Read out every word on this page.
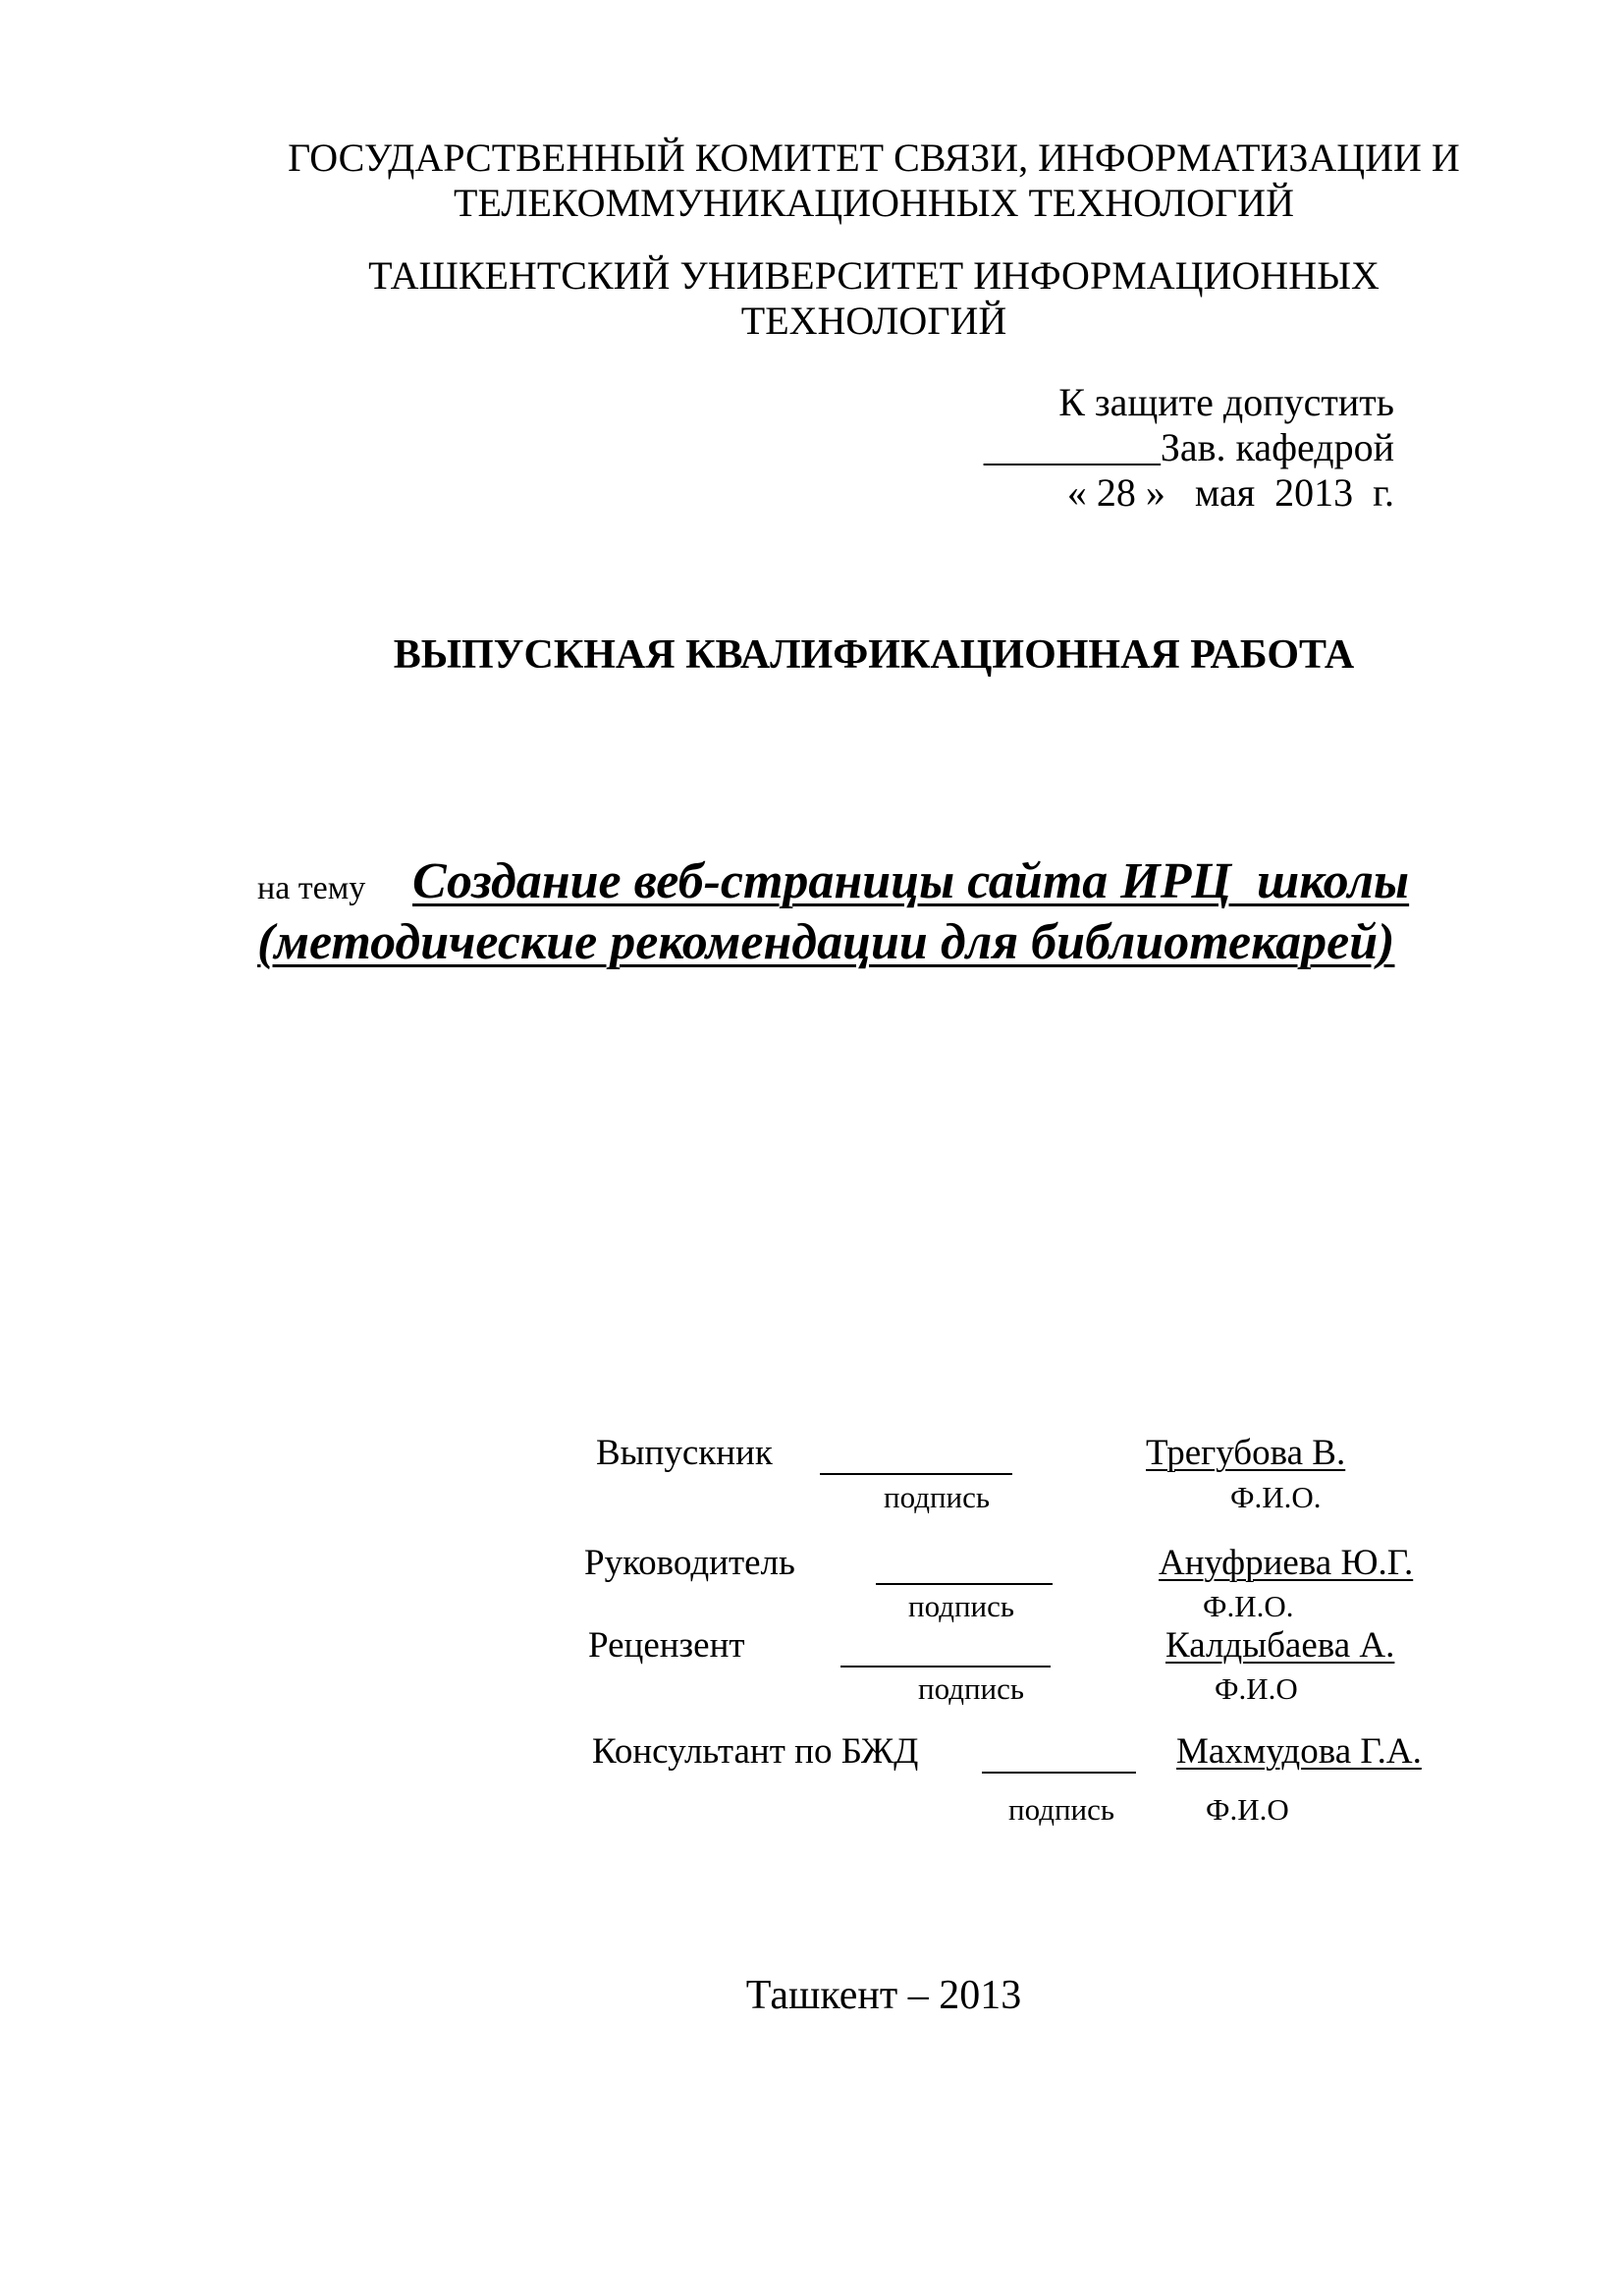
ГОСУДАРСТВЕННЫЙ КОМИТЕТ СВЯЗИ, ИНФОРМАТИЗАЦИИ И
ТЕЛЕКОММУНИКАЦИОННЫХ ТЕХНОЛОГИЙ
ТАШКЕНТСКИЙ УНИВЕРСИТЕТ ИНФОРМАЦИОННЫХ
ТЕХНОЛОГИЙ
К защите допустить
_________Зав. кафедрой
« 28 »   мая  2013  г.
ВЫПУСКНАЯ КВАЛИФИКАЦИОННАЯ РАБОТА
на тему Создание веб-страницы сайта ИРЦ  школы
(методические рекомендации для библиотекарей)
Выпускник
подпись
Трегубова В.
Ф.И.О.
Руководитель
подпись
Ануфриева Ю.Г.
Ф.И.О.
Рецензент
подпись
Калдыбаева А.
Ф.И.О
Консультант по БЖД
подпись
Махмудова Г.А.
Ф.И.О
Ташкент – 2013
